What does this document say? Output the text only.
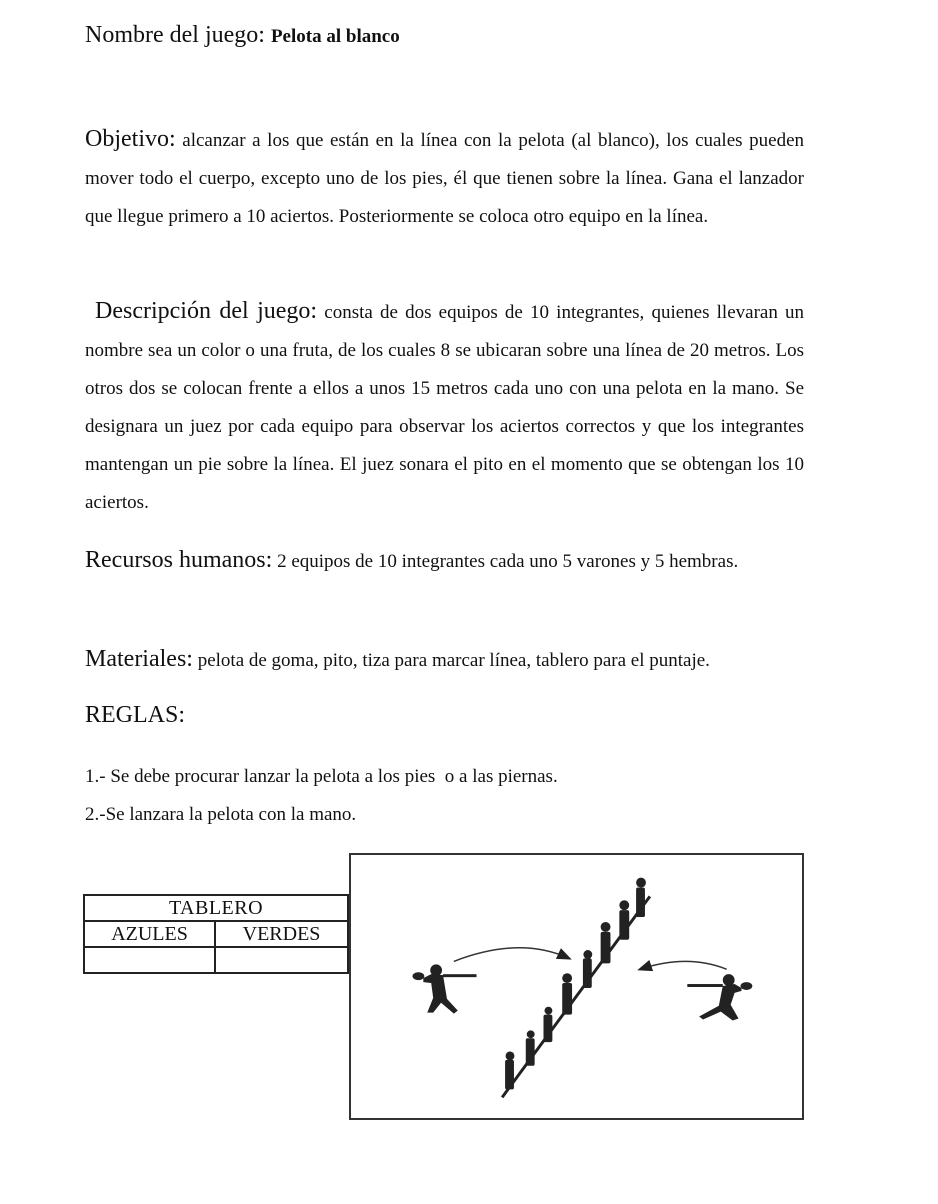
Nombre del juego: Pelota al blanco

Objetivo: alcanzar a los que están en la línea con la pelota (al blanco), los cuales pueden mover todo el cuerpo, excepto uno de los pies, él que tienen sobre la línea. Gana el lanzador que llegue primero a 10 aciertos. Posteriormente se coloca otro equipo en la línea.

Descripción del juego: consta de dos equipos de 10 integrantes, quienes llevaran un nombre sea un color o una fruta, de los cuales 8 se ubicaran sobre una línea de 20 metros. Los otros dos se colocan frente a ellos a unos 15 metros cada uno con una pelota en la mano. Se designara un juez por cada equipo para observar los aciertos correctos y que los integrantes mantengan un pie sobre la línea. El juez sonara el pito en el momento que se obtengan los 10 aciertos.

Recursos humanos: 2 equipos de 10 integrantes cada uno 5 varones y 5 hembras.

Materiales: pelota de goma, pito, tiza para marcar línea, tablero para el puntaje.

REGLAS:
1.- Se debe procurar lanzar la pelota a los pies  o a las piernas.
2.-Se lanzara la pelota con la mano.
TABLERO	
AZULES	VERDES
